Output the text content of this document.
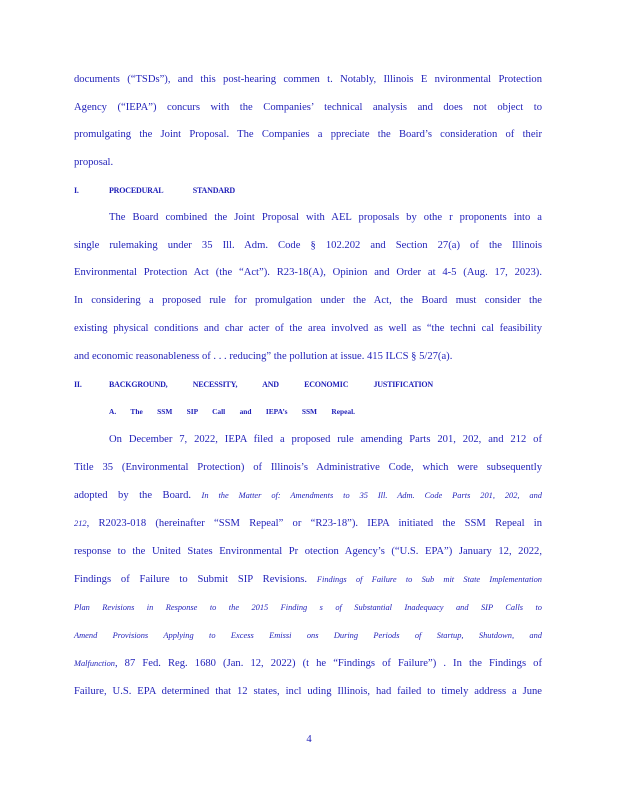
documents (“TSDs”), and this post-hearing commen t. Notably, Illinois E nvironmental Protection
Agency (“IEPA”) concurs with the Companies’ technical analysis and does not object to
promulgating the Joint Proposal. The Companies a ppreciate the Board’s consideration of their
proposal.
I.	PROCEDURAL STANDARD
The Board combined the Joint Proposal with AEL proposals by othe r proponents into a
single rulemaking under 35 Ill. Adm. Code § 102.202 and Section 27(a) of the Illinois
Environmental Protection Act (the “Act”). R23-18(A), Opinion and Order at 4-5 (Aug. 17, 2023).
In considering a proposed rule for promulgation under the Act, the Board must consider the
existing physical conditions and char acter of the area involved as well as “the techni cal feasibility
and economic reasonableness of . . . reducing” the pollution at issue. 415 ILCS § 5/27(a).
II.	BACKGROUND, NECESSITY, AND ECONOMIC JUSTIFICATION
A. The SSM SIP Call and IEPA’s SSM Repeal.
On December 7, 2022, IEPA filed a proposed rule amending Parts 201, 202, and 212 of
Title 35 (Environmental Protection) of Illinois’s Administrative Code, which were subsequently
adopted by the Board. In the Matter of: Amendments to 35 Ill. Adm. Code Parts 201, 202, and
212, R2023-018 (hereinafter “SSM Repeal” or “R23-18”). IEPA initiated the SSM Repeal in
response to the United States Environmental Pr otection Agency’s (“U.S. EPA”) January 12, 2022,
Findings of Failure to Submit SIP Revisions. Findings of Failure to Sub mit State Implementation
Plan Revisions in Response to the 2015 Finding s of Substantial Inadequacy and SIP Calls to
Amend Provisions Applying to Excess Emissi ons During Periods of Startup, Shutdown, and
Malfunction, 87 Fed. Reg. 1680 (Jan. 12, 2022) (t he “Findings of Failure”) . In the Findings of
Failure, U.S. EPA determined that 12 states, incl uding Illinois, had failed to timely address a June
4
